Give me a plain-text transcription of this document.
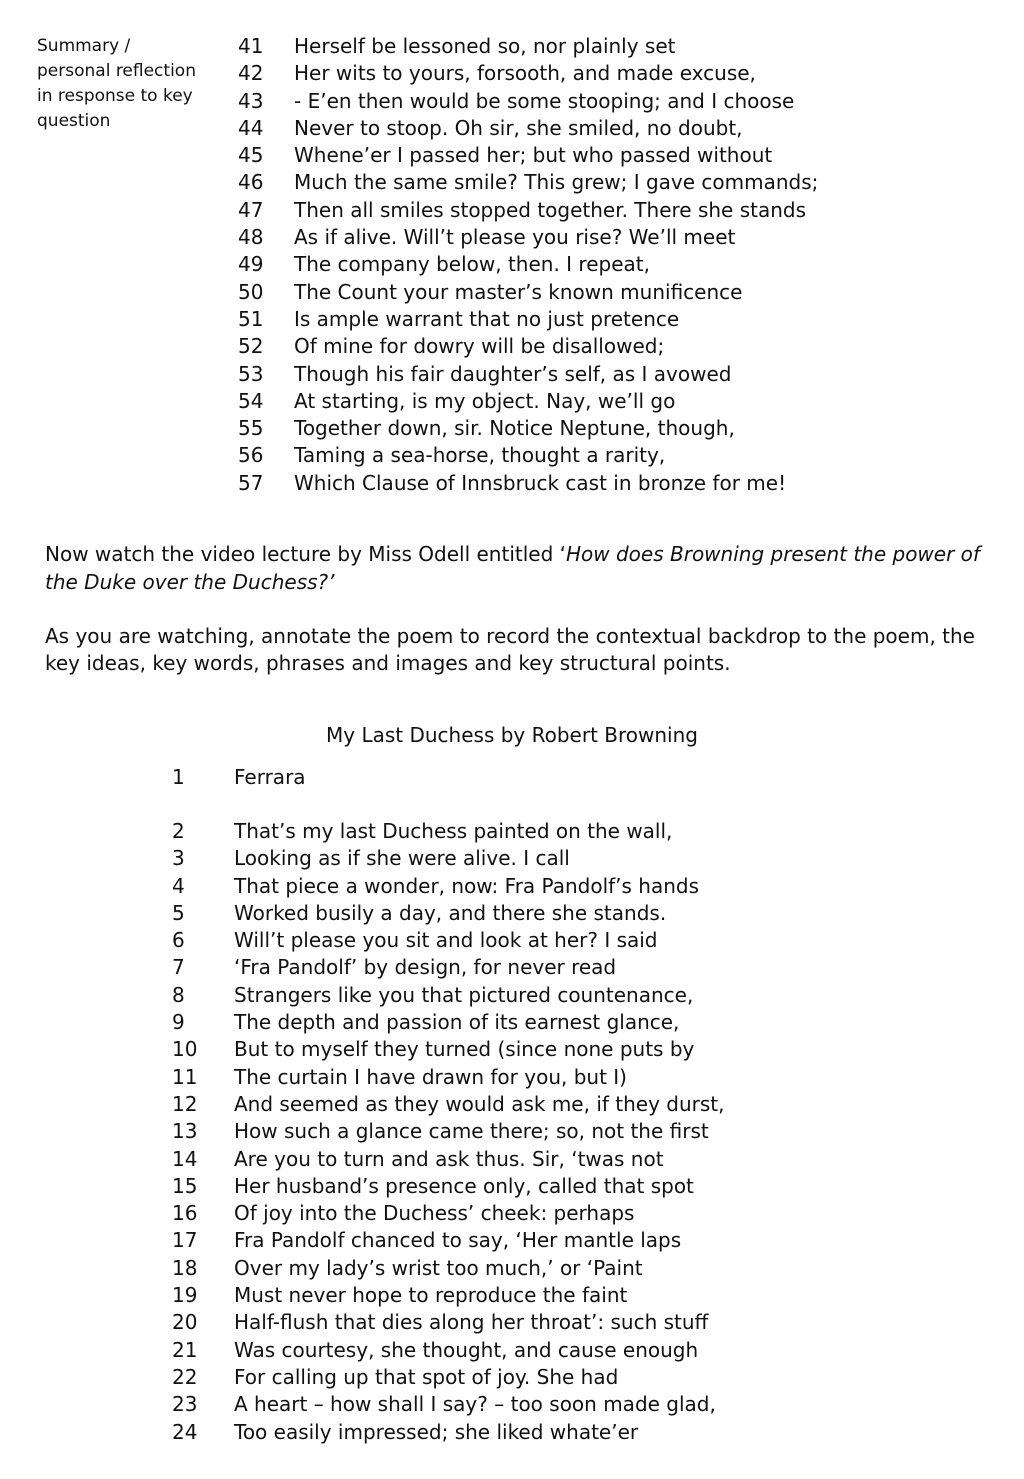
Summary / personal reflection in response to key question
41	Herself be lessoned so, nor plainly set
42	Her wits to yours, forsooth, and made excuse,
43	- E’en then would be some stooping; and I choose
44	Never to stoop. Oh sir, she smiled, no doubt,
45	Whene’er I passed her; but who passed without
46	Much the same smile? This grew; I gave commands;
47	Then all smiles stopped together. There she stands
48	As if alive. Will’t please you rise? We’ll meet
49	The company below, then. I repeat,
50	The Count your master’s known munificence
51	Is ample warrant that no just pretence
52	Of mine for dowry will be disallowed;
53	Though his fair daughter’s self, as I avowed
54	At starting, is my object. Nay, we’ll go
55	Together down, sir. Notice Neptune, though,
56	Taming a sea-horse, thought a rarity,
57	Which Clause of Innsbruck cast in bronze for me!
Now watch the video lecture by Miss Odell entitled ‘How does Browning present the power of the Duke over the Duchess?’
As you are watching, annotate the poem to record the contextual backdrop to the poem, the key ideas, key words, phrases and images and key structural points.
My Last Duchess by Robert Browning
1	Ferrara
2	That’s my last Duchess painted on the wall,
3	Looking as if she were alive. I call
4	That piece a wonder, now: Fra Pandolf’s hands
5	Worked busily a day, and there she stands.
6	Will’t please you sit and look at her? I said
7	‘Fra Pandolf’ by design, for never read
8	Strangers like you that pictured countenance,
9	The depth and passion of its earnest glance,
10	But to myself they turned (since none puts by
11	The curtain I have drawn for you, but I)
12	And seemed as they would ask me, if they durst,
13	How such a glance came there; so, not the first
14	Are you to turn and ask thus. Sir, ‘twas not
15	Her husband’s presence only, called that spot
16	Of joy into the Duchess’ cheek: perhaps
17	Fra Pandolf chanced to say, ‘Her mantle laps
18	Over my lady’s wrist too much,’ or ‘Paint
19	Must never hope to reproduce the faint
20	Half-flush that dies along her throat’: such stuff
21	Was courtesy, she thought, and cause enough
22	For calling up that spot of joy. She had
23	A heart – how shall I say? – too soon made glad,
24	Too easily impressed; she liked whate’er
